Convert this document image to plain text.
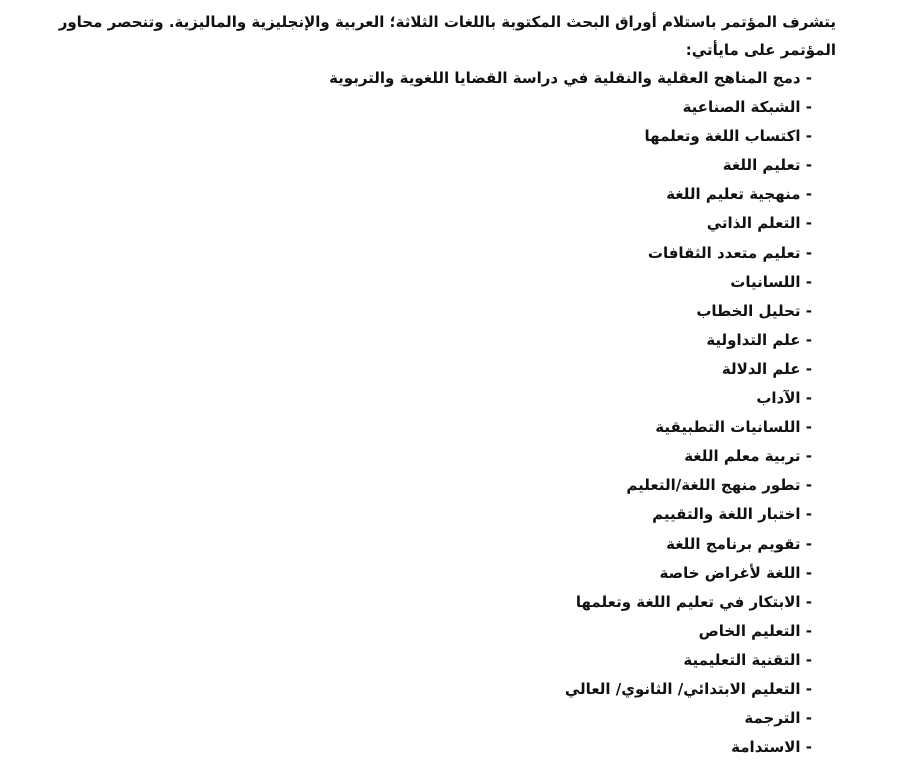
يتشرف المؤتمر باستلام أوراق البحث المكتوبة باللغات الثلاثة؛ العربية والإنجليزية والماليزية. وتنحصر محاور المؤتمر على مايأتي:

- دمج المناهج العقلية والنقلية في دراسة القضايا اللغوية والتربوية
- الشبكة الصناعية
- اكتساب اللغة وتعلمها
- تعليم اللغة
- منهجية تعليم اللغة
- التعلم الذاتي
- تعليم متعدد الثقافات
- اللسانيات
- تحليل الخطاب
- علم التداولية
- علم الدلالة
- الآداب
- اللسانيات التطبيقية
- تربية معلم اللغة
- تطور منهج اللغة/التعليم
- اختبار اللغة والتقييم
- تقويم برنامج اللغة
- اللغة لأغراض خاصة
- الابتكار في تعليم اللغة وتعلمها
- التعليم الخاص
- التقنية التعليمية
- التعليم الابتدائي/ الثانوي/ العالي
- الترجمة
- الاستدامة
